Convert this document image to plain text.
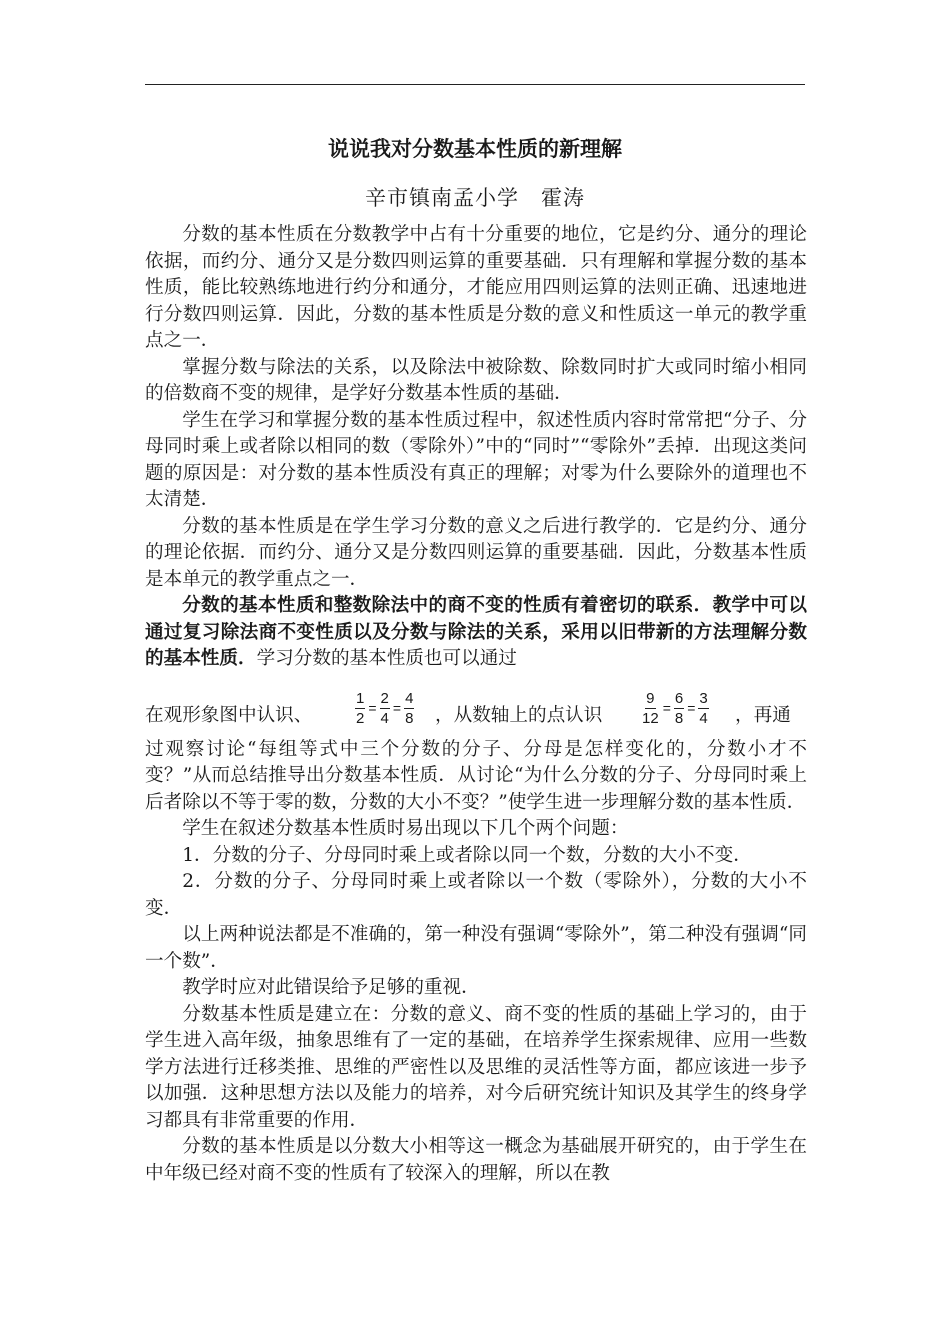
说说我对分数基本性质的新理解
辛市镇南孟小学　霍涛

分数的基本性质在分数教学中占有十分重要的地位，它是约分、通分的理论依据，而约分、通分又是分数四则运算的重要基础．只有理解和掌握分数的基本性质，能比较熟练地进行约分和通分，才能应用四则运算的法则正确、迅速地进行分数四则运算．因此，分数的基本性质是分数的意义和性质这一单元的教学重点之一．

掌握分数与除法的关系，以及除法中被除数、除数同时扩大或同时缩小相同的倍数商不变的规律，是学好分数基本性质的基础．

学生在学习和掌握分数的基本性质过程中，叙述性质内容时常常把“分子、分母同时乘上或者除以相同的数（零除外）”中的“同时”“零除外”丢掉．出现这类问题的原因是：对分数的基本性质没有真正的理解；对零为什么要除外的道理也不太清楚．

分数的基本性质是在学生学习分数的意义之后进行教学的．它是约分、通分的理论依据．而约分、通分又是分数四则运算的重要基础．因此，分数基本性质是本单元的教学重点之一．

分数的基本性质和整数除法中的商不变的性质有着密切的联系．教学中可以通过复习除法商不变性质以及分数与除法的关系，采用以旧带新的方法理解分数的基本性质．学习分数的基本性质也可以通过

在观形象图中认识、	$\frac{1}{2} = \frac{2}{4} = \frac{4}{8}$ ，从数轴上的点认识	$\frac{9}{12} = \frac{6}{8} = \frac{3}{4}$ ，再通

过观察讨论“每组等式中三个分数的分子、分母是怎样变化的，分数小才不变？”从而总结推导出分数基本性质．从讨论“为什么分数的分子、分母同时乘上后者除以不等于零的数，分数的大小不变？”使学生进一步理解分数的基本性质．

学生在叙述分数基本性质时易出现以下几个两个问题：

1．分数的分子、分母同时乘上或者除以同一个数，分数的大小不变．

2．分数的分子、分母同时乘上或者除以一个数（零除外），分数的大小不变．

以上两种说法都是不准确的，第一种没有强调“零除外”，第二种没有强调“同一个数”．

教学时应对此错误给予足够的重视．

分数基本性质是建立在：分数的意义、商不变的性质的基础上学习的，由于学生进入高年级，抽象思维有了一定的基础，在培养学生探索规律、应用一些数学方法进行迁移类推、思维的严密性以及思维的灵活性等方面，都应该进一步予以加强．这种思想方法以及能力的培养，对今后研究统计知识及其学生的终身学习都具有非常重要的作用．

分数的基本性质是以分数大小相等这一概念为基础展开研究的，由于学生在中年级已经对商不变的性质有了较深入的理解，所以在教
